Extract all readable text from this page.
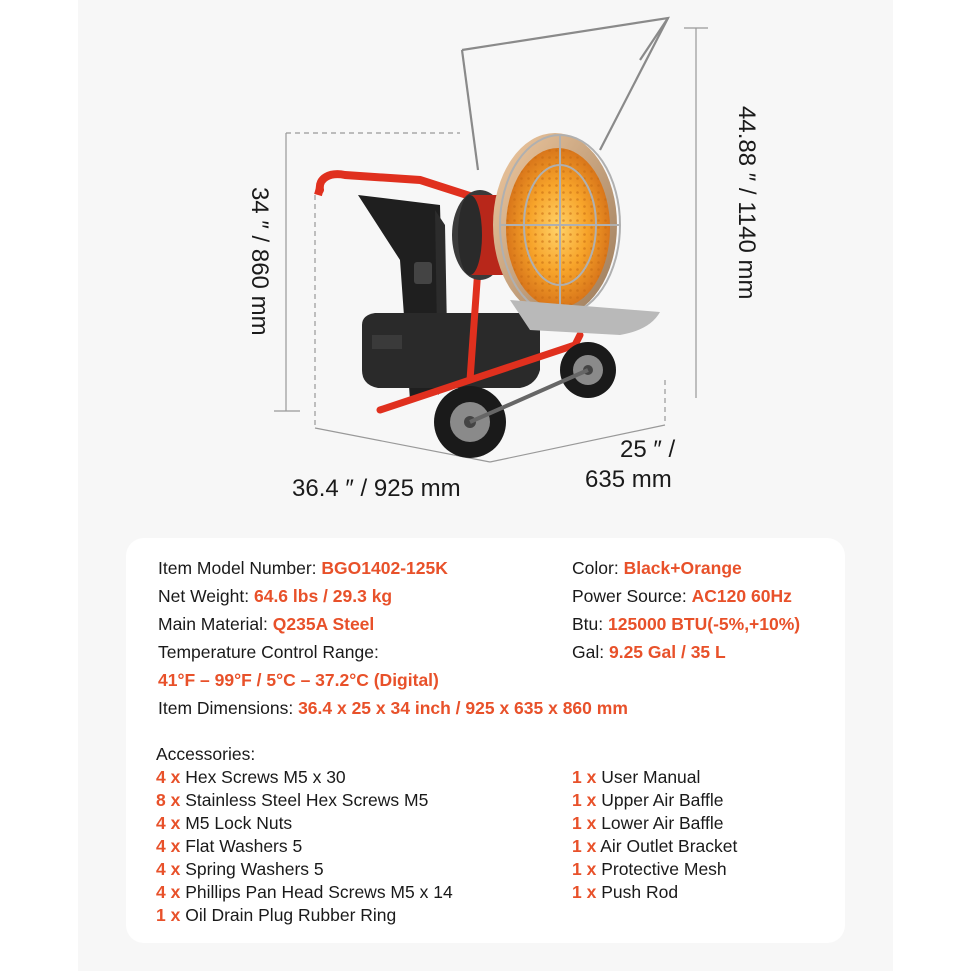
34 ″ / 860 mm	44.88 ″ / 1140 mm
25 ″ /
635 mm
36.4 ″ / 925 mm
Item Model Number: BGO1402-125K
Net Weight: 64.6 lbs / 29.3 kg
Main Material: Q235A Steel
Temperature Control Range:
41°F – 99°F / 5°C – 37.2°C (Digital)
Item Dimensions: 36.4 x 25 x 34 inch / 925 x 635 x 860 mm
Color: Black+Orange
Power Source: AC120 60Hz
Btu: 125000 BTU(-5%,+10%)
Gal: 9.25 Gal / 35 L
Accessories:
4 x Hex Screws M5 x 30
8 x Stainless Steel Hex Screws M5
4 x M5 Lock Nuts
4 x Flat Washers 5
4 x Spring Washers 5
4 x Phillips Pan Head Screws M5 x 14
1 x Oil Drain Plug Rubber Ring
1 x User Manual
1 x Upper Air Baffle
1 x Lower Air Baffle
1 x Air Outlet Bracket
1 x Protective Mesh
1 x Push Rod
